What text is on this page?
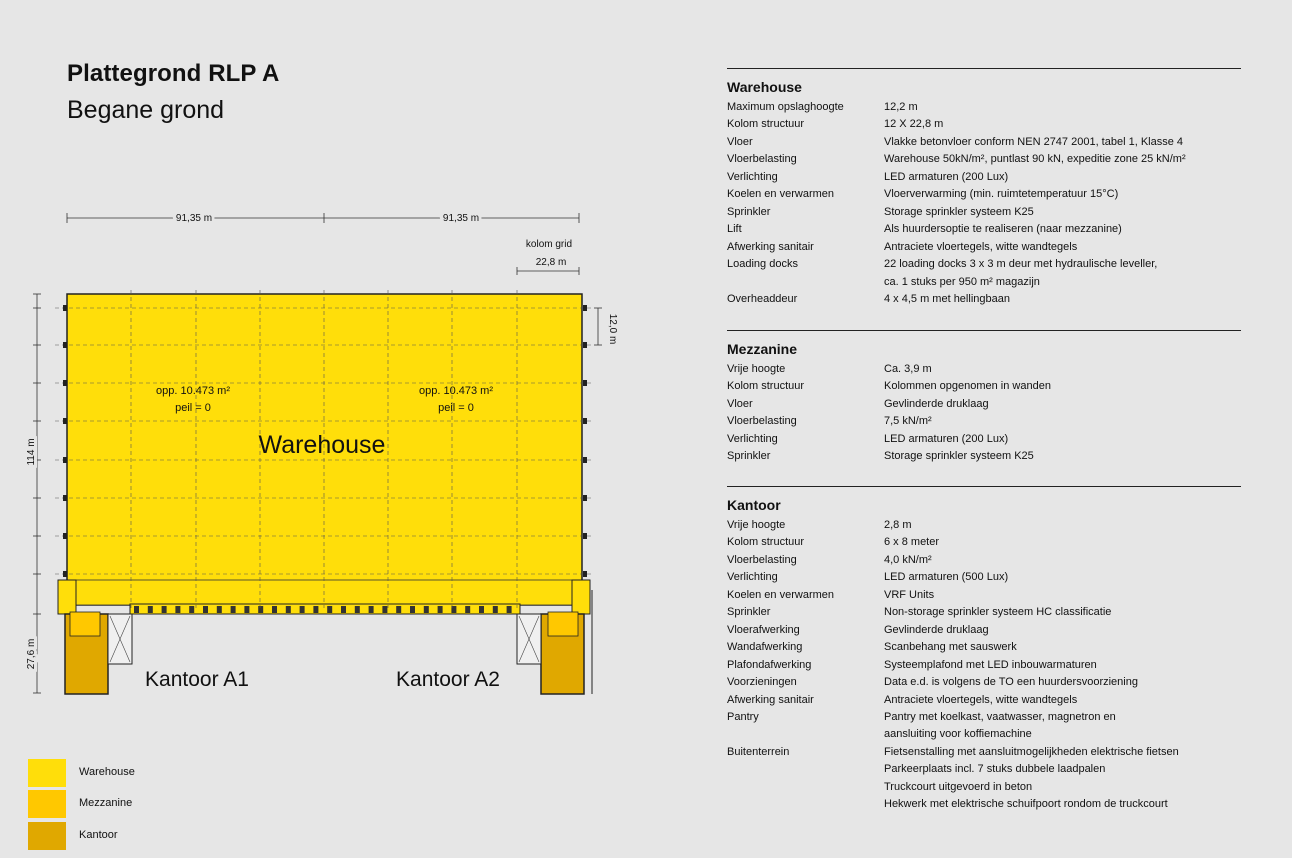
Plattegrond RLP A
Begane grond
91,35 m	91,35 m
kolom grid
22,8 m
12,0 m
114 m
27,6 m
opp. 10.473 m²
peil = 0
opp. 10.473 m²
peil = 0
Warehouse
Kantoor A1	Kantoor A2
Warehouse
Mezzanine
Kantoor
Warehouse
Maximum opslaghoogte	12,2 m
Kolom structuur	12 X 22,8 m
Vloer	Vlakke betonvloer conform NEN 2747 2001, tabel 1, Klasse 4
Vloerbelasting	Warehouse 50kN/m², puntlast 90 kN, expeditie zone 25 kN/m²
Verlichting	LED armaturen (200 Lux)
Koelen en verwarmen	Vloerverwarming (min. ruimtetemperatuur 15°C)
Sprinkler	Storage sprinkler systeem K25
Lift	Als huurdersoptie te realiseren (naar mezzanine)
Afwerking sanitair	Antraciete vloertegels, witte wandtegels
Loading docks	22 loading docks 3 x 3 m deur met hydraulische leveller,
ca. 1 stuks per 950 m² magazijn
Overheaddeur	4 x 4,5 m met hellingbaan
Mezzanine
Vrije hoogte	Ca. 3,9 m
Kolom structuur	Kolommen opgenomen in wanden
Vloer	Gevlinderde druklaag
Vloerbelasting	7,5 kN/m²
Verlichting	LED armaturen (200 Lux)
Sprinkler	Storage sprinkler systeem K25
Kantoor
Vrije hoogte	2,8 m
Kolom structuur	6 x 8 meter
Vloerbelasting	4,0 kN/m²
Verlichting	LED armaturen (500 Lux)
Koelen en verwarmen	VRF Units
Sprinkler	Non-storage sprinkler systeem HC classificatie
Vloerafwerking	Gevlinderde druklaag
Wandafwerking	Scanbehang met sauswerk
Plafondafwerking	Systeemplafond met LED inbouwarmaturen
Voorzieningen	Data e.d. is volgens de TO een huurdersvoorziening
Afwerking sanitair	Antraciete vloertegels, witte wandtegels
Pantry	Pantry met koelkast, vaatwasser, magnetron en
aansluiting voor koffiemachine
Buitenterrein	Fietsenstalling met aansluitmogelijkheden elektrische fietsen
Parkeerplaats incl. 7 stuks dubbele laadpalen
Truckcourt uitgevoerd in beton
Hekwerk met elektrische schuifpoort rondom de truckcourt
